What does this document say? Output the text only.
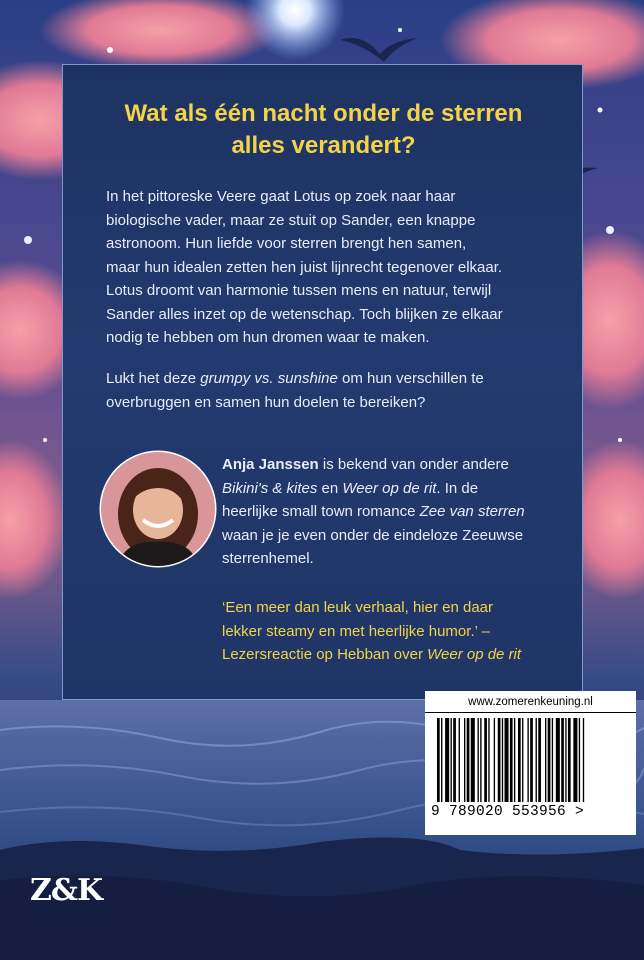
Wat als één nacht onder de sterren
alles verandert?

In het pittoreske Veere gaat Lotus op zoek naar haar

biologische vader, maar ze stuit op Sander, een knappe

astronoom. Hun liefde voor sterren brengt hen samen,

maar hun idealen zetten hen juist lijnrecht tegenover elkaar.

Lotus droomt van harmonie tussen mens en natuur, terwijl

Sander alles inzet op de wetenschap. Toch blijken ze elkaar

nodig te hebben om hun dromen waar te maken.

Lukt het deze grumpy vs. sunshine om hun verschillen te

overbruggen en samen hun doelen te bereiken?

Anja Janssen is bekend van onder andere

Bikini's & kites en Weer op de rit. In de

heerlijke small town romance Zee van sterren

waan je je even onder de eindeloze Zeeuwse

sterrenhemel.

‘Een meer dan leuk verhaal, hier en daar

lekker steamy en met heerlijke humor.’ –

Lezersreactie op Hebban over Weer op de rit

www.zomerenkeuning.nl
9 789020 553956 >
Z&K
